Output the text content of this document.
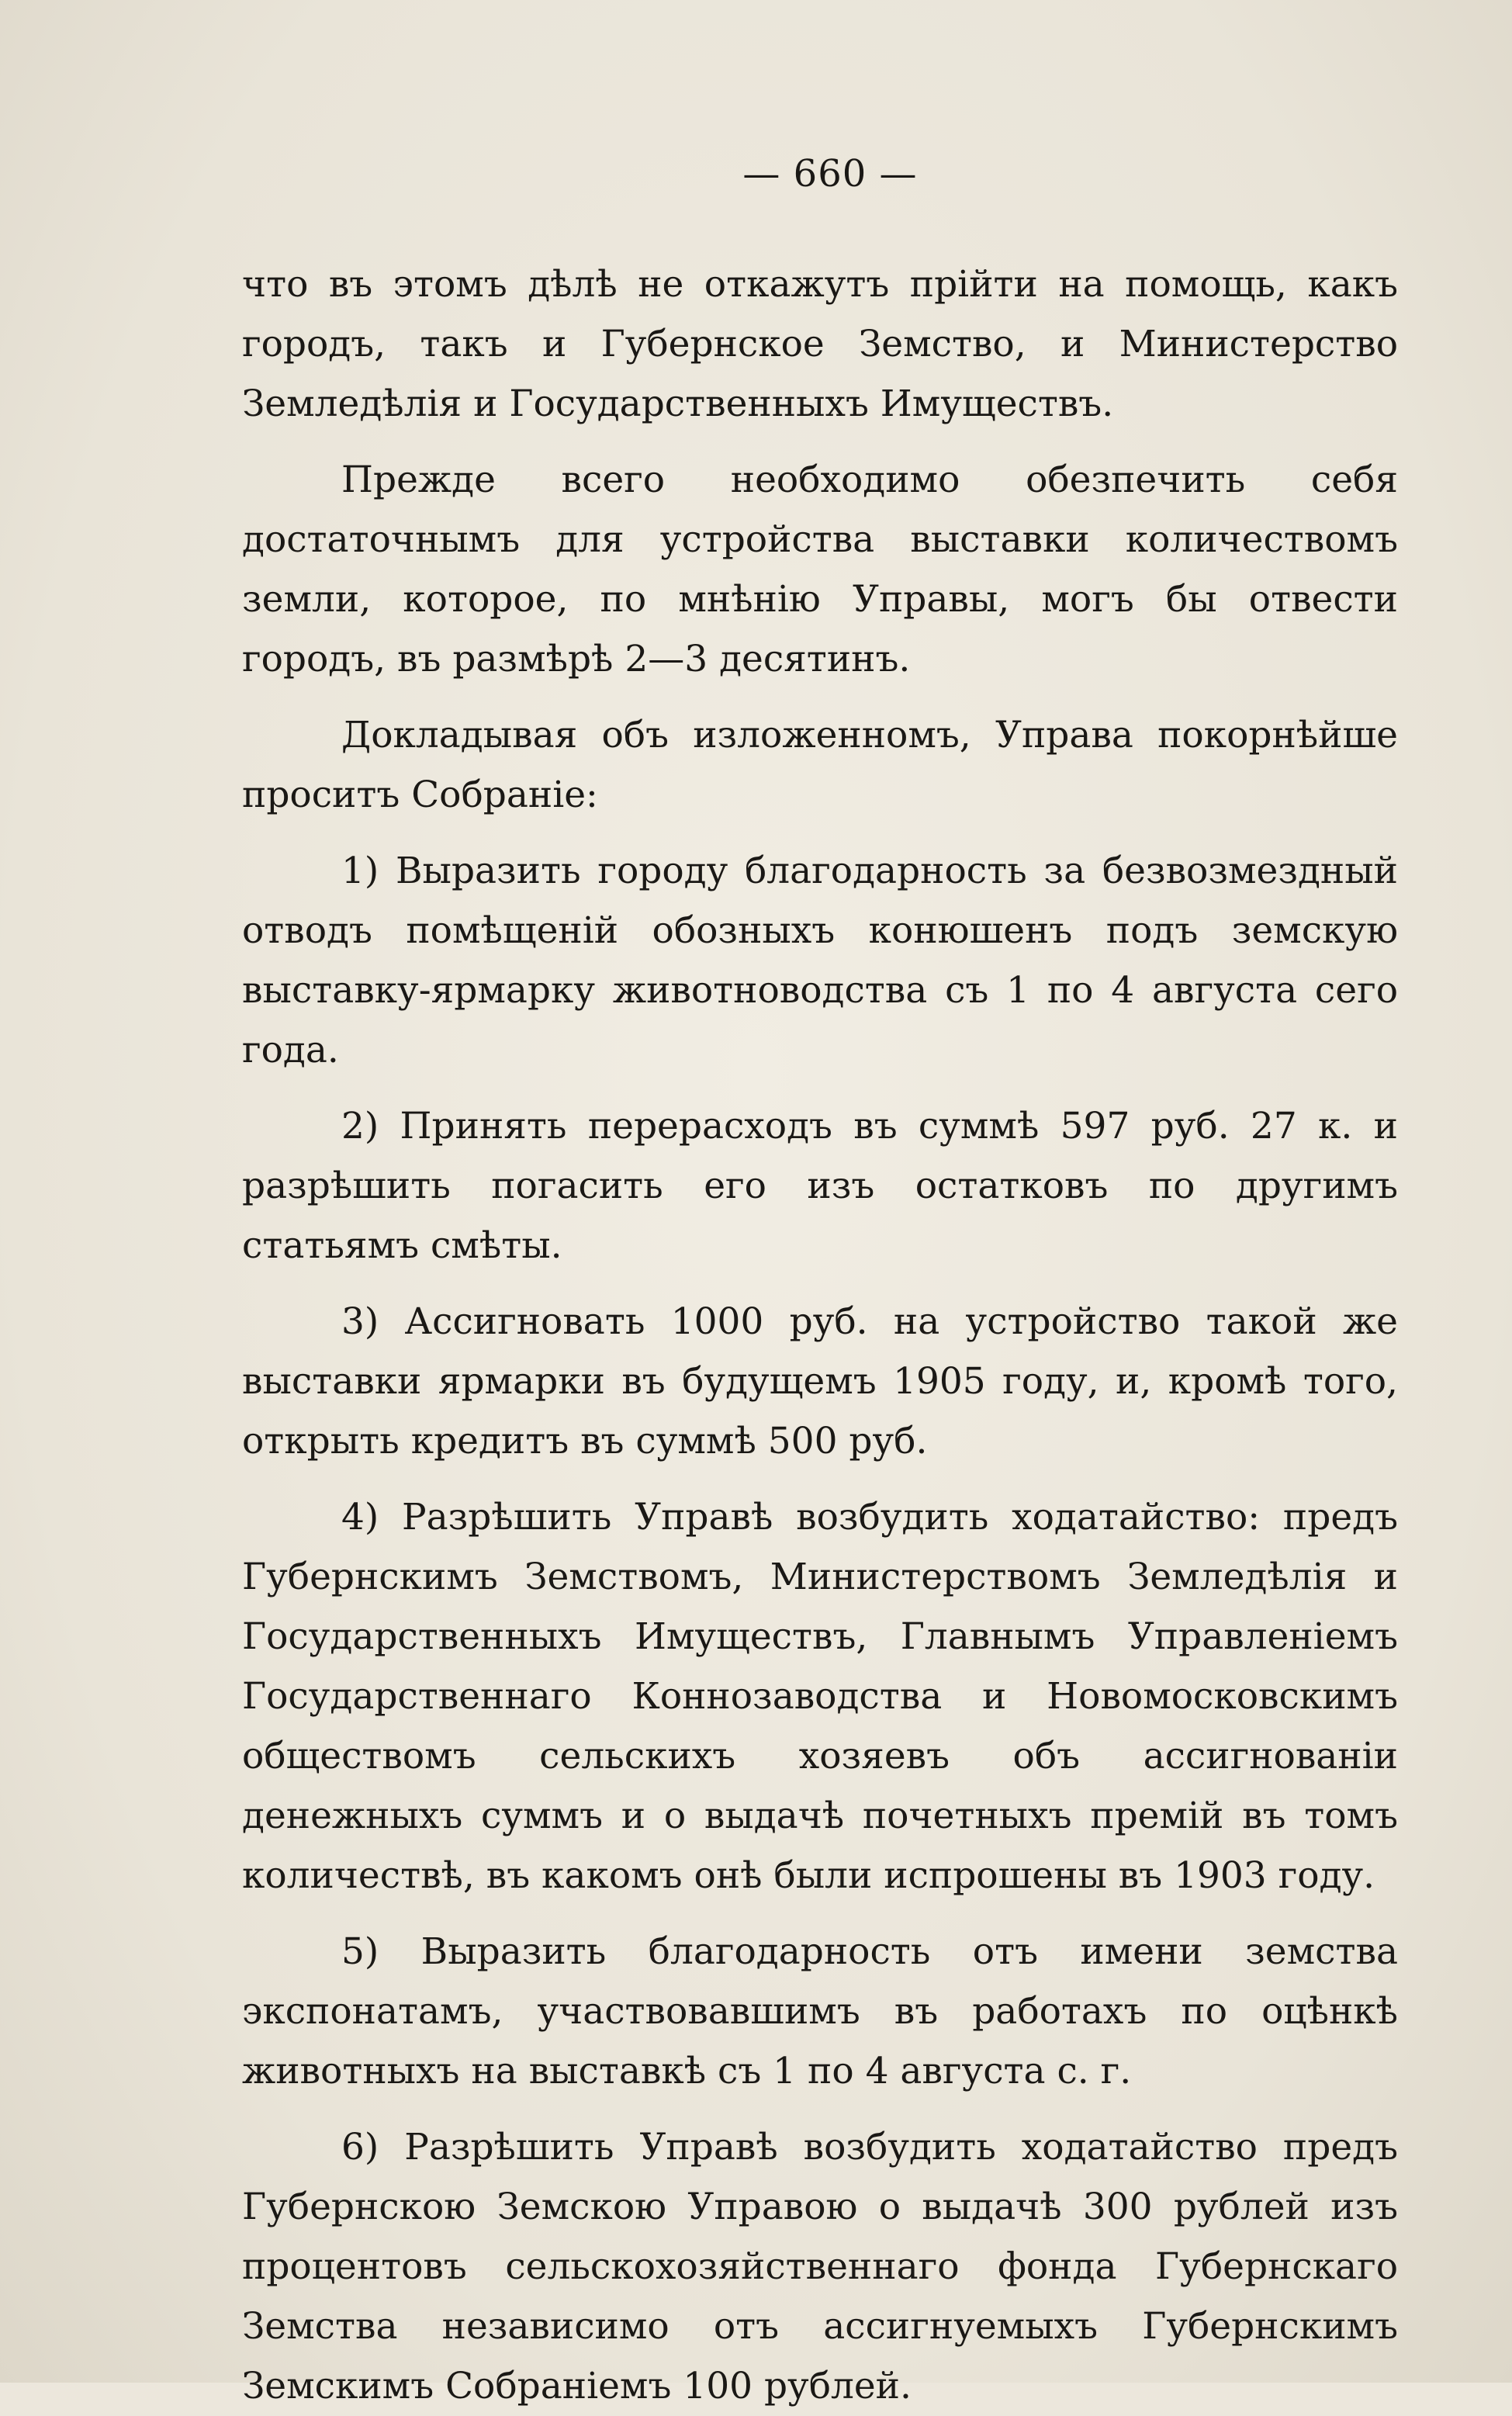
— 660 —

что въ этомъ дѣлѣ не откажутъ прійти на помощь, какъ городъ, такъ и Губернское Земство, и Министерство Земледѣлія и Государственныхъ Имуществъ.

Прежде всего необходимо обезпечить себя достаточнымъ для устройства выставки количествомъ земли, которое, по мнѣнію Управы, могъ бы отвести городъ, въ размѣрѣ 2—3 десятинъ.

Докладывая объ изложенномъ, Управа покорнѣйше проситъ Собраніе:

1) Выразить городу благодарность за безвозмездный отводъ помѣщеній обозныхъ конюшенъ подъ земскую выставку-ярмарку животноводства съ 1 по 4 августа сего года.

2) Принять перерасходъ въ суммѣ 597 руб. 27 к. и разрѣшить погасить его изъ остатковъ по другимъ статьямъ смѣты.

3) Ассигновать 1000 руб. на устройство такой же выставки ярмарки въ будущемъ 1905 году, и, кромѣ того, открыть кредитъ въ суммѣ 500 руб.

4) Разрѣшить Управѣ возбудить ходатайство: предъ Губернскимъ Земствомъ, Министерствомъ Земледѣлія и Государственныхъ Имуществъ, Главнымъ Управленіемъ Государственнаго Коннозаводства и Новомосковскимъ обществомъ сельскихъ хозяевъ объ ассигнованіи денежныхъ суммъ и о выдачѣ почетныхъ премій въ томъ количествѣ, въ какомъ онѣ были испрошены въ 1903 году.

5) Выразить благодарность отъ имени земства экспонатамъ, участвовавшимъ въ работахъ по оцѣнкѣ животныхъ на выставкѣ съ 1 по 4 августа с. г.

6) Разрѣшить Управѣ возбудить ходатайство предъ Губернскою Земскою Управою о выдачѣ 300 рублей изъ процентовъ сельскохозяйственнаго фонда Губернскаго Земства независимо отъ ассигнуемыхъ Губернскимъ Земскимъ Собраніемъ 100 рублей.
